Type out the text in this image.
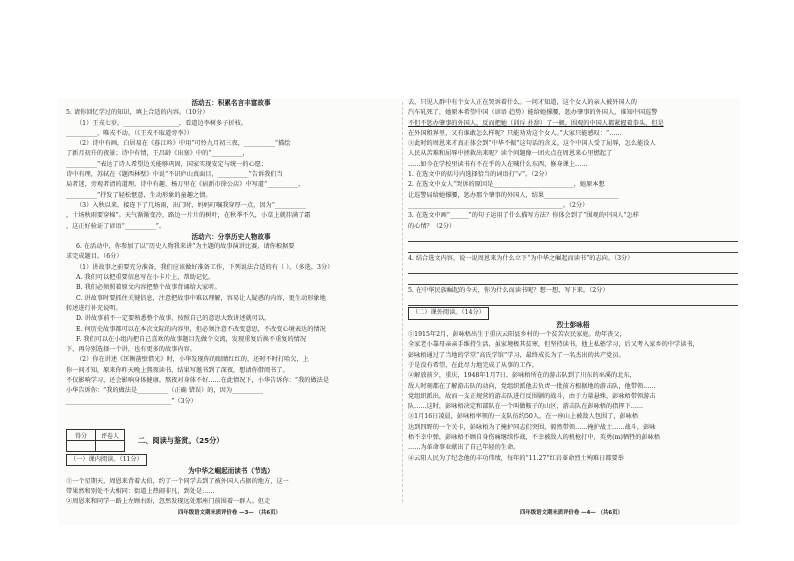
活动五：积累名言丰富故事
5. 请你回忆学过的知识，填上合适的内容。（10分）
（1）王戎七岁，__________________，看道边李树多子折枝。
__________，唯戎不动。（《王戎不取道旁李》）
（2）诗中有画，白居易在《暮江吟》中用“可怜九月初三夜，__________”描绘
了新月初升的夜景；诗中有情，王昌龄《出塞》中的“__________，
__________”表达了诗人希望边关能够巩固，国家实现安定与统一的心愿；
诗中有理，苏轼在《题西林壁》中说“不识庐山真面目，__________”告诉我们当
局者迷，旁观者清的道理。诗中有趣，杨万里在《宿新市徐公店》中写道“__________，
__________”抒发了轻松惬意，生动形象的童趣之情。
（3）入秋以来，接连下了几场雨，出门时，妈妈叮嘱我穿厚一点，因为“__________
，十场秋雨要穿棉”。天气渐渐变冷，路边一片片的树叶，在秋季不久，小草上就挂满了霜
，这正好验证了谚语“__________”。
活动六：分享历史人物故事
6. 在活动中，你参加了以“历史人物我来讲”为主题的故事演讲比赛，请你根据要
求完成题目。（6分）
（1）讲故事之前要充分准备，我们应该做好准备工作，下列说法合适的有（ ）。（多选，3分）
A. 我们可以把重要信息写在小卡片上，帮助记忆。
B. 我们必须照着原文内容把整个故事背诵给大家听。
C. 讲故事时要抓住关键信息，注意把故事中难以理解，容易让人疑惑的内容，更生动形象地
转述进行补充说明。
D. 讲故事前不一定要熟悉整个故事，按照自己的意思大致讲述就可以。
E. 何历史故事都可以在本次文际的内容里，但必须注意不改变意思，不改变心境表达的情况
F. 我们可以在小组内把自己喜欢的故事题目先做个交流，发现重复后换不重复的情况
下，再分别选择一个讲，也有更多的故事内容。
（2）你在讲述《匡衡凿壁借光》时，小华发现你的眼睛红红的，还时不时打哈欠，上
你一问才知，原来你昨天晚上熬夜读书，结果写邀书到了深夜，想请你借阅书了。
不仅影响学习，还会影响身体健康。熬夜对身体不好……在此情况下，小华告诉你：“我的做法是
小华告诉你：“我的做法是__________（正确 错误）的，因为__________
__________________________________”（3分）
得分	评卷人
		二、阅读与鉴赏。（25分）
（一）课内阅读。（11分）
为中华之崛起而读书（节选）
①一个星期天，周恩来背着大伯，约了一个同学去到了被外国人占据的地方，这一
带果然和别处不大相同：街道上热闹非凡，到处是……
②周恩来和同学一路上左顾右盼，忽然发现远处那座门前围着一群人。但走
去，只见人群中有个女人正在哭诉着什么。一问才知道，这个女人的亲人被外国人的
汽车轧死了，她原本希望中国（谚语 趋势）能给她撑腰，惩办肇事的外国人，谁知中国巡警
不但不惩办肇事的外国人，反而把她（训斥 扑辞）了一顿。围观的中国人都紧握着拳头，但是
在外国租界里，又有谁敢怎么样呢？只能劝劝这个女人。”大家只能感叹：“……
③此时的周恩来才真正体会到“中华不振”这句话的含义。这个中国人受了屈辱，怎么能没人
人民从苦难和屈辱中拯救出来呢？读个问题像一团火点在周恩来心里燃起了
……如今在学校里读书有不在乎的人在喊什么东西，修身课上……
1. 在选文中的括号内选择恰当的词语打“√”。（2分）
2. 在选文中女人“哭诉的原因是__________________________，她原本想
让巡警局给她撑腰，惩办那个肇事的外国人，结果________________________
__________________________________________________。（2分）
3. 在选文中画“______”的句子运用了什么描写方法？你体会到了“围观的中国人”怎样
的心情？（2分）
4. 结合选文内容，说一说周恩来为什么立下“为中华之崛起而读书”的志向。（3分）
5. 在中华民族崛起的今天，你为什么而读书呢？想一想，写下来。（2分）
（二）课外阅读。（14分）
烈士彭咏梧
①1915年2月，彭咏梧出生于重庆云阳县乡村的一个贫苦农民家庭。幼年丧父，
全家老小靠母亲亲手维持生活，虽家境极其贫寒，但坚持读书，他上私塾学习，后又考入家乡的中学读书，
彭咏梧通过了当地的学堂“高氏学馆”学习，最终成长为了一名杰出的共产党员。
于是没有希望，在此尽力地完成了从事的工作。
②解放前夕，重庆，1948年1月7日，彭咏梧所在的游击队到了川东的巫溪的北东，
敌人时刻都在了解游击队的动向，党组织派他去负责一批前方根据地的游击队，他带领……
党组织派出，故而一支正规营的游击队进行反围剿的战斗，由于力量悬殊，彭咏梧带领游击
队……这时，彭咏梧决定和部队在一个叫做鞍子的山区，游击队在彭咏梧的指挥下……
③1月16日凌晨，彭咏梧率领的一支队伍约50人，在一座山上被敌人包围了，彭咏梧
达到四野的一个关卡，彭咏梧为了掩护同志们突围，毅然带领……掩护战士……战斗，彭咏
梧不幸中弹，彭咏梧不顾自身伤痛继续作战，不幸被敌人的机枪打中，英勇(m)牺牲的彭咏梧
……为革命事业献出了自己年轻的生命。
④云阳人民为了纪念他的丰功伟绩，每年的“11.27”红岩革命烈士殉难日都要举
四年级语文期末质评价卷 —3— （共6页）	四年级语文期末质评价卷 —4— （共6页）
